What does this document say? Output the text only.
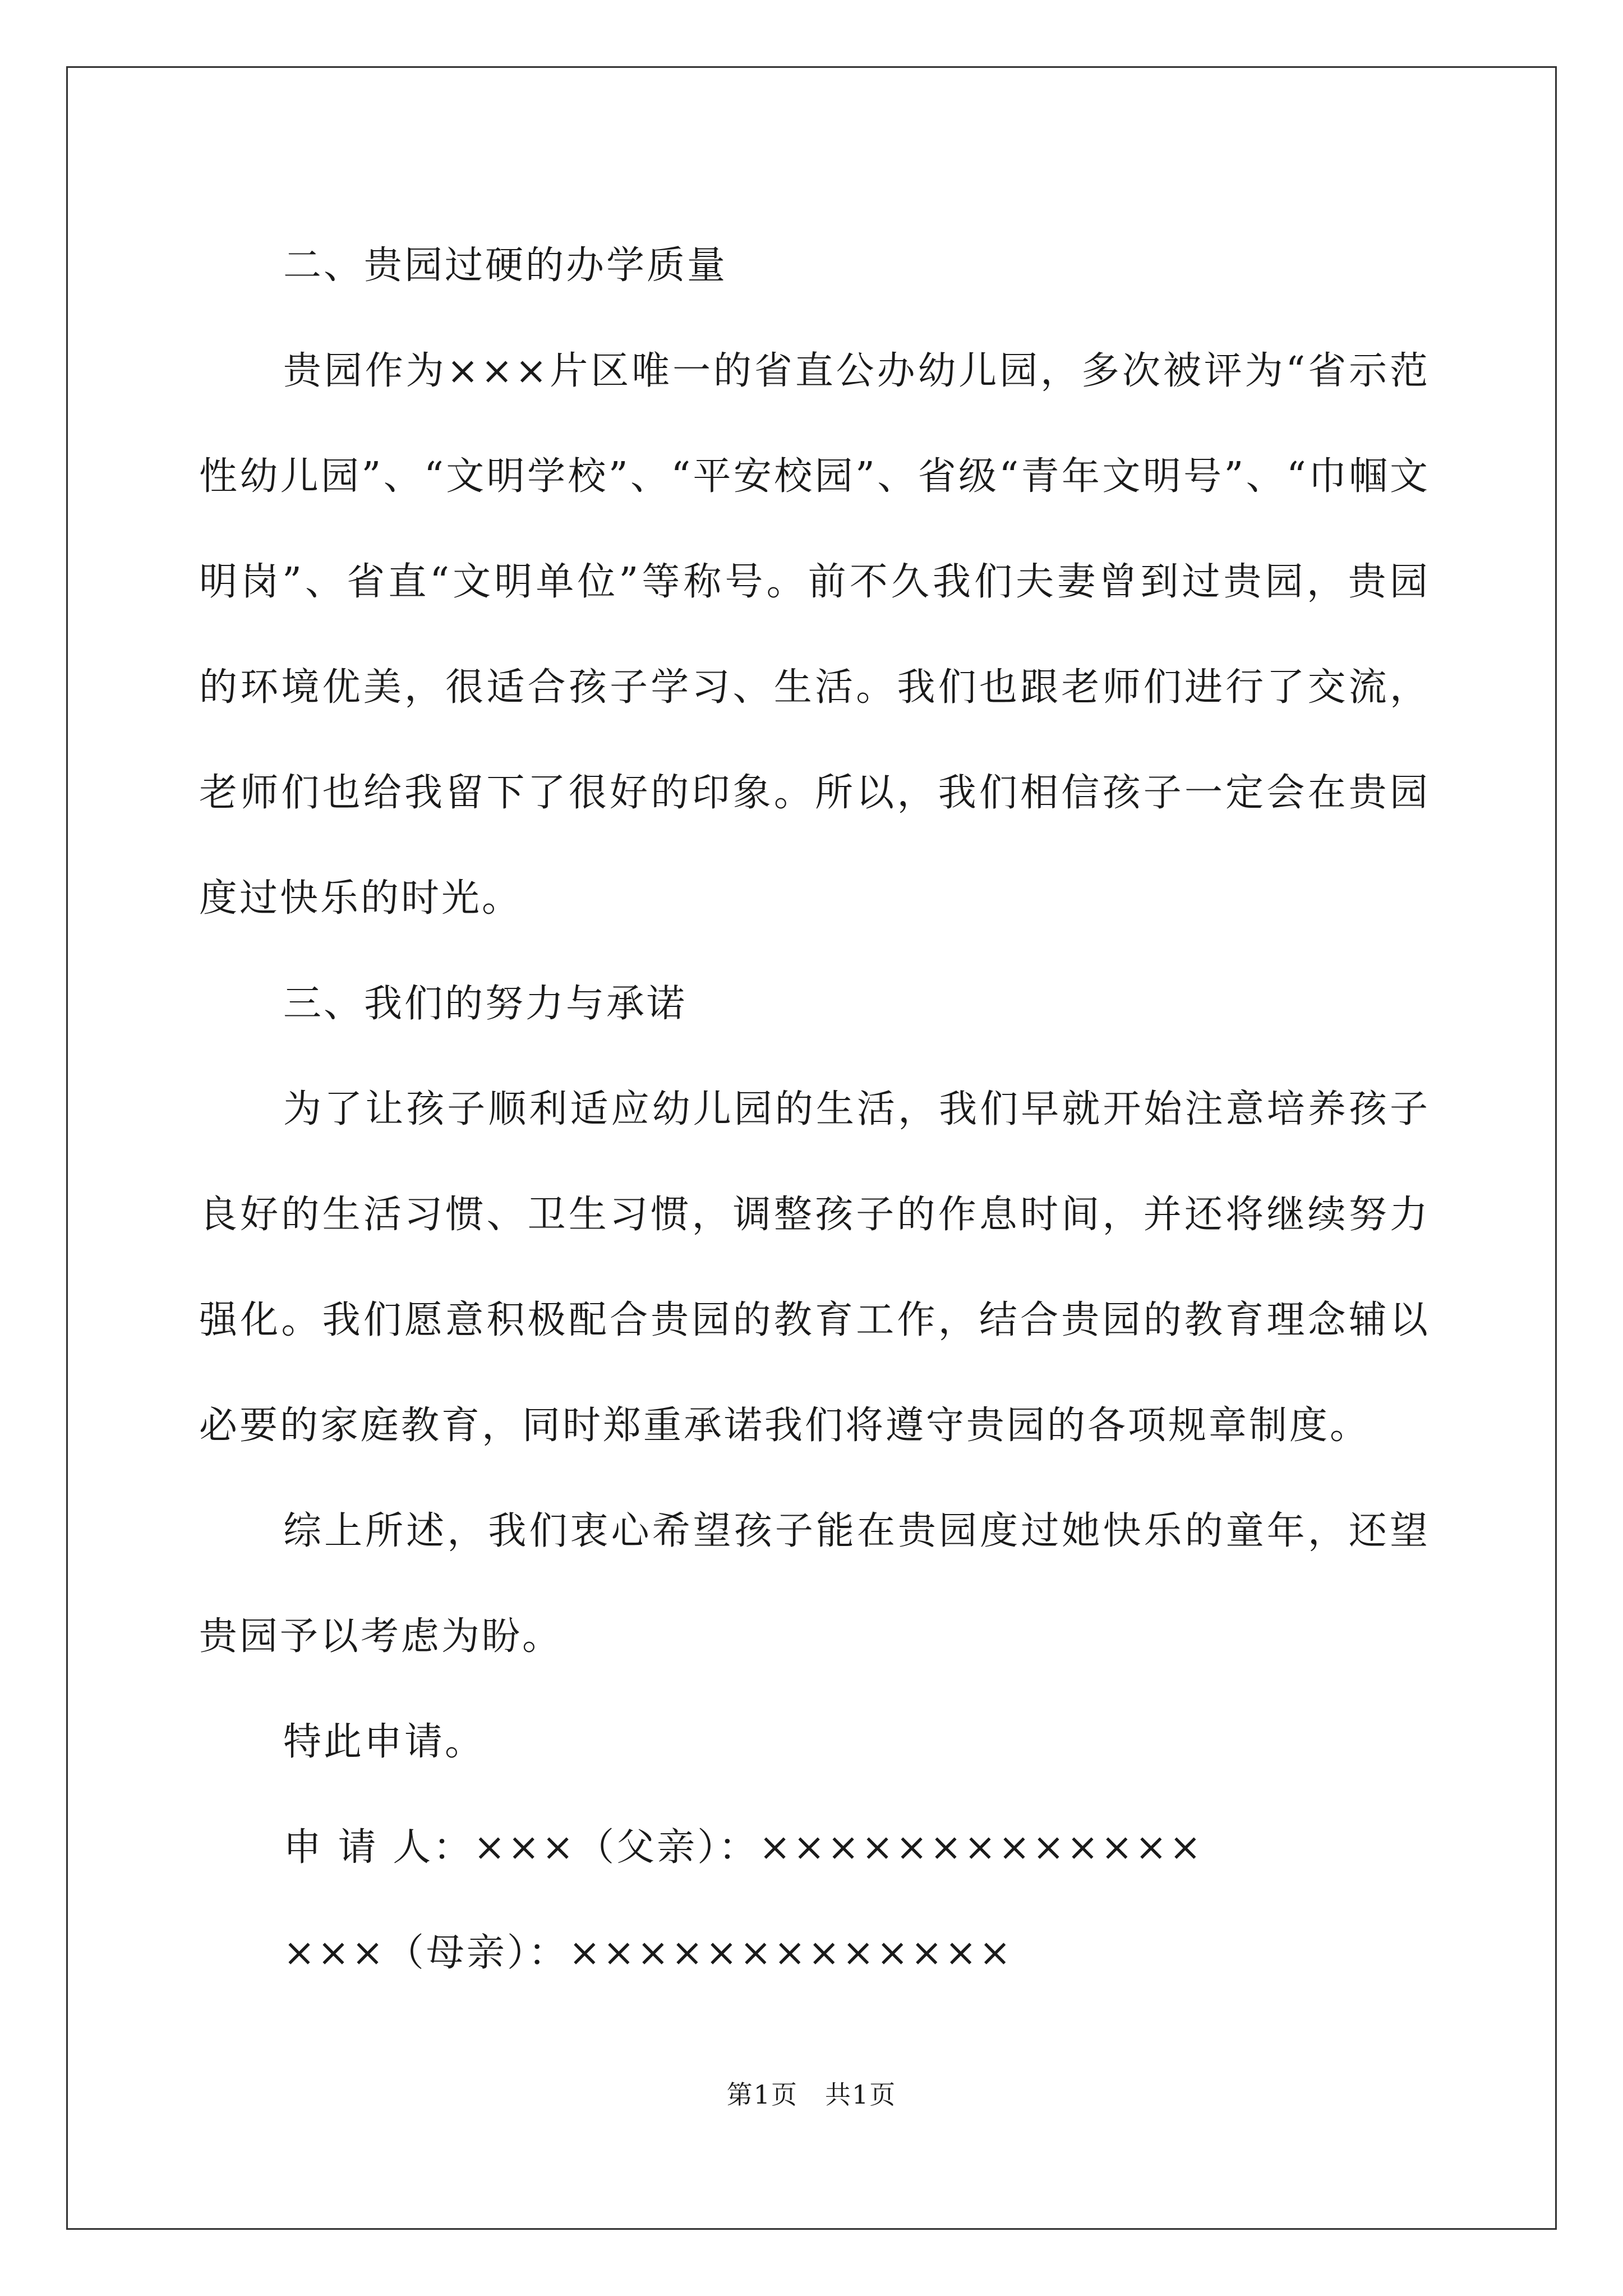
二、贵园过硬的办学质量

贵园作为×××片区唯一的省直公办幼儿园，多次被评为“省示范性幼儿园”、“文明学校”、“平安校园”、省级“青年文明号”、“巾帼文明岗”、省直“文明单位”等称号。前不久我们夫妻曾到过贵园，贵园的环境优美，很适合孩子学习、生活。我们也跟老师们进行了交流，老师们也给我留下了很好的印象。所以，我们相信孩子一定会在贵园度过快乐的时光。

三、我们的努力与承诺

为了让孩子顺利适应幼儿园的生活，我们早就开始注意培养孩子良好的生活习惯、卫生习惯，调整孩子的作息时间，并还将继续努力强化。我们愿意积极配合贵园的教育工作，结合贵园的教育理念辅以必要的家庭教育，同时郑重承诺我们将遵守贵园的各项规章制度。

综上所述，我们衷心希望孩子能在贵园度过她快乐的童年，还望贵园予以考虑为盼。

特此申请。

申 请 人：×××（父亲）：×××××××××××××

×××（母亲）：×××××××××××××

第1页　共1页
